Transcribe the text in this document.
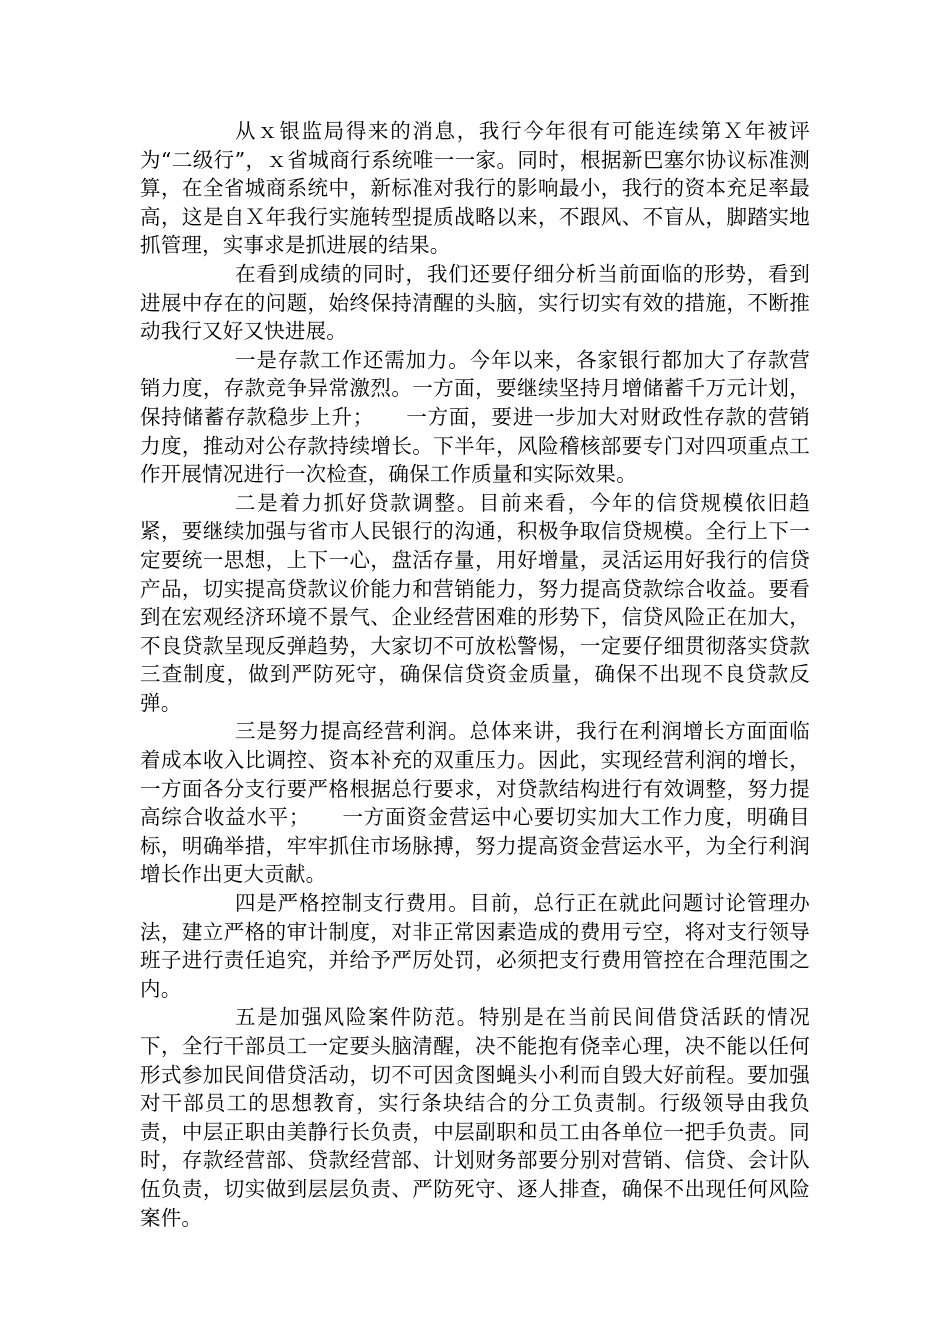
从ｘ银监局得来的消息，我行今年很有可能连续第Ｘ年被评为“二级行”，ｘ省城商行系统唯一一家。同时，根据新巴塞尔协议标准测算，在全省城商系统中，新标准对我行的影响最小，我行的资本充足率最高，这是自Ｘ年我行实施转型提质战略以来，不跟风、不盲从，脚踏实地抓管理，实事求是抓进展的结果。

在看到成绩的同时，我们还要仔细分析当前面临的形势，看到进展中存在的问题，始终保持清醒的头脑，实行切实有效的措施，不断推动我行又好又快进展。

一是存款工作还需加力。今年以来，各家银行都加大了存款营销力度，存款竞争异常激烈。一方面，要继续坚持月增储蓄千万元计划，保持储蓄存款稳步上升；　　一方面，要进一步加大对财政性存款的营销力度，推动对公存款持续增长。下半年，风险稽核部要专门对四项重点工作开展情况进行一次检查，确保工作质量和实际效果。

二是着力抓好贷款调整。目前来看，今年的信贷规模依旧趋紧，要继续加强与省市人民银行的沟通，积极争取信贷规模。全行上下一定要统一思想，上下一心，盘活存量，用好增量，灵活运用好我行的信贷产品，切实提高贷款议价能力和营销能力，努力提高贷款综合收益。要看到在宏观经济环境不景气、企业经营困难的形势下，信贷风险正在加大，不良贷款呈现反弹趋势，大家切不可放松警惕，一定要仔细贯彻落实贷款三查制度，做到严防死守，确保信贷资金质量，确保不出现不良贷款反弹。

三是努力提高经营利润。总体来讲，我行在利润增长方面面临着成本收入比调控、资本补充的双重压力。因此，实现经营利润的增长，一方面各分支行要严格根据总行要求，对贷款结构进行有效调整，努力提高综合收益水平；　　一方面资金营运中心要切实加大工作力度，明确目标，明确举措，牢牢抓住市场脉搏，努力提高资金营运水平，为全行利润增长作出更大贡献。

四是严格控制支行费用。目前，总行正在就此问题讨论管理办法，建立严格的审计制度，对非正常因素造成的费用亏空，将对支行领导班子进行责任追究，并给予严厉处罚，必须把支行费用管控在合理范围之内。

五是加强风险案件防范。特别是在当前民间借贷活跃的情况下，全行干部员工一定要头脑清醒，决不能抱有侥幸心理，决不能以任何形式参加民间借贷活动，切不可因贪图蝇头小利而自毁大好前程。要加强对干部员工的思想教育，实行条块结合的分工负责制。行级领导由我负责，中层正职由美静行长负责，中层副职和员工由各单位一把手负责。同时，存款经营部、贷款经营部、计划财务部要分别对营销、信贷、会计队伍负责，切实做到层层负责、严防死守、逐人排查，确保不出现任何风险案件。
